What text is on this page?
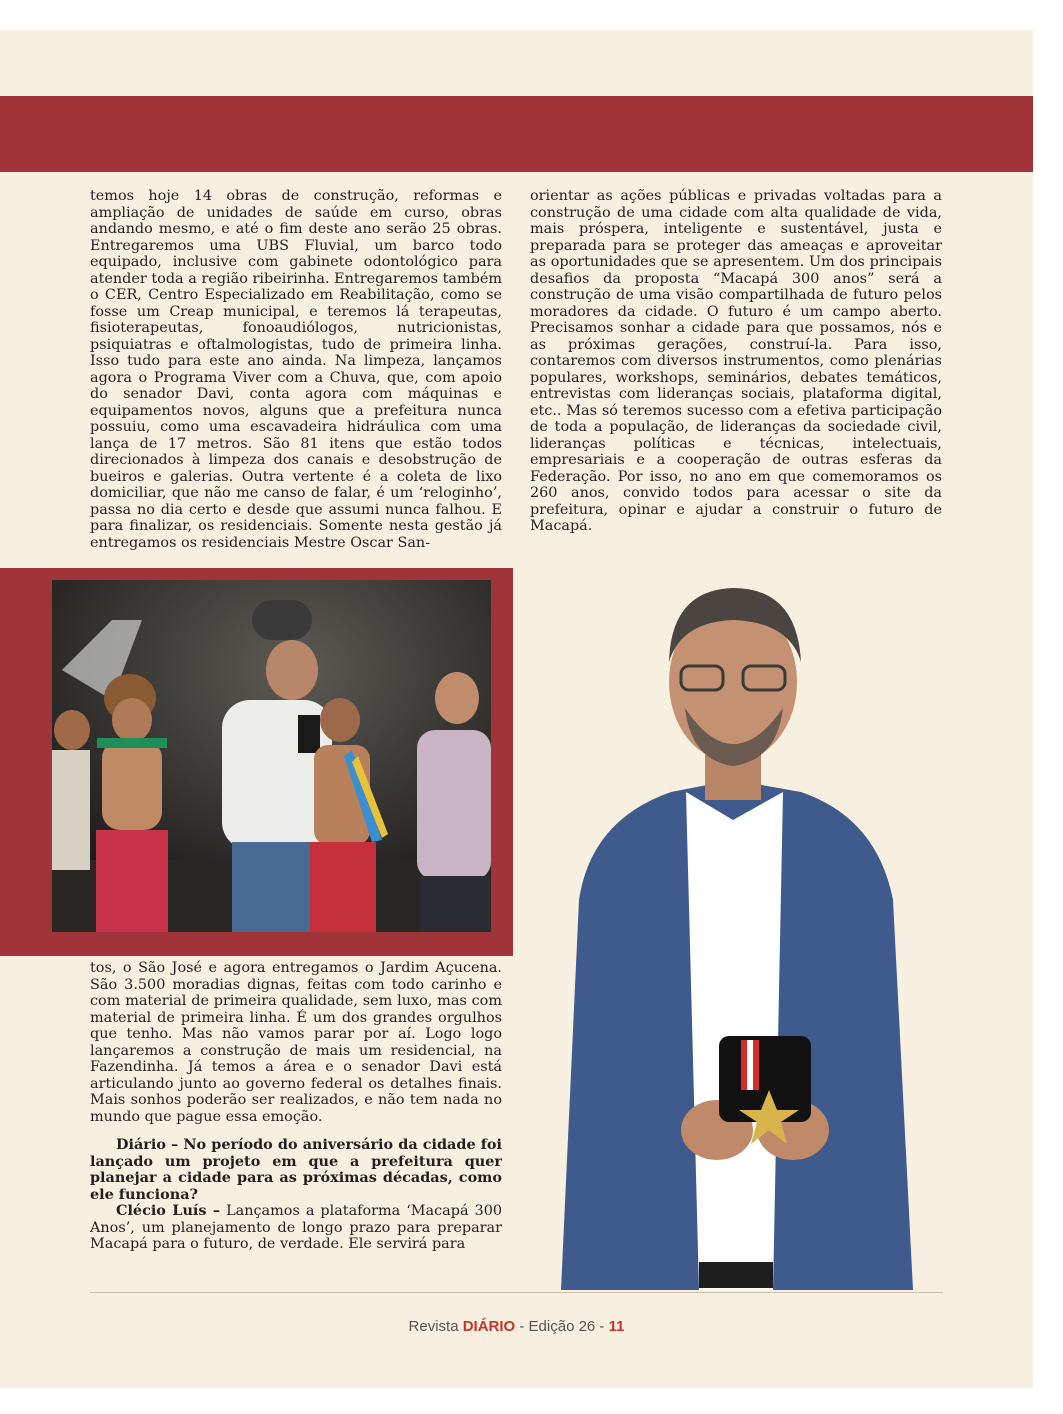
temos hoje 14 obras de construção, reformas e ampliação de unidades de saúde em curso, obras andando mesmo, e até o fim deste ano serão 25 obras. Entregaremos uma UBS Fluvial, um barco todo equipado, inclusive com gabinete odontológico para atender toda a região ribeirinha. Entregaremos também o CER, Centro Especializado em Reabilitação, como se fosse um Creap municipal, e teremos lá terapeutas, fisioterapeutas, fonoaudiólogos, nutricionistas, psiquiatras e oftalmologistas, tudo de primeira linha. Isso tudo para este ano ainda. Na limpeza, lançamos agora o Programa Viver com a Chuva, que, com apoio do senador Davi, conta agora com máquinas e equipamentos novos, alguns que a prefeitura nunca possuiu, como uma escavadeira hidráulica com uma lança de 17 metros. São 81 itens que estão todos direcionados à limpeza dos canais e desobstrução de bueiros e galerias. Outra vertente é a coleta de lixo domiciliar, que não me canso de falar, é um ‘reloginho’, passa no dia certo e desde que assumi nunca falhou. E para finalizar, os residenciais. Somente nesta gestão já entregamos os residenciais Mestre Oscar San-

orientar as ações públicas e privadas voltadas para a construção de uma cidade com alta qualidade de vida, mais próspera, inteligente e sustentável, justa e preparada para se proteger das ameaças e aproveitar as oportunidades que se apresentem. Um dos principais desafios da proposta “Macapá 300 anos” será a construção de uma visão compartilhada de futuro pelos moradores da cidade. O futuro é um campo aberto. Precisamos sonhar a cidade para que possamos, nós e as próximas gerações, construí-la. Para isso, contaremos com diversos instrumentos, como plenárias populares, workshops, seminários, debates temáticos, entrevistas com lideranças sociais, plataforma digital, etc.. Mas só teremos sucesso com a efetiva participação de toda a população, de lideranças da sociedade civil, lideranças políticas e técnicas, intelectuais, empresariais e a cooperação de outras esferas da Federação. Por isso, no ano em que comemoramos os 260 anos, convido todos para acessar o site da prefeitura, opinar e ajudar a construir o futuro de Macapá.

tos, o São José e agora entregamos o Jardim Açucena. São 3.500 moradias dignas, feitas com todo carinho e com material de primeira qualidade, sem luxo, mas com material de primeira linha. É um dos grandes orgulhos que tenho. Mas não vamos parar por aí. Logo logo lançaremos a construção de mais um residencial, na Fazendinha. Já temos a área e o senador Davi está articulando junto ao governo federal os detalhes finais. Mais sonhos poderão ser realizados, e não tem nada no mundo que pague essa emoção.

Diário – No período do aniversário da cidade foi lançado um projeto em que a prefeitura quer planejar a cidade para as próximas décadas, como ele funciona?

Clécio Luís – Lançamos a plataforma ‘Macapá 300 Anos’, um planejamento de longo prazo para preparar Macapá para o futuro, de verdade. Ele servirá para

Revista DIÁRIO - Edição 26 - 11
